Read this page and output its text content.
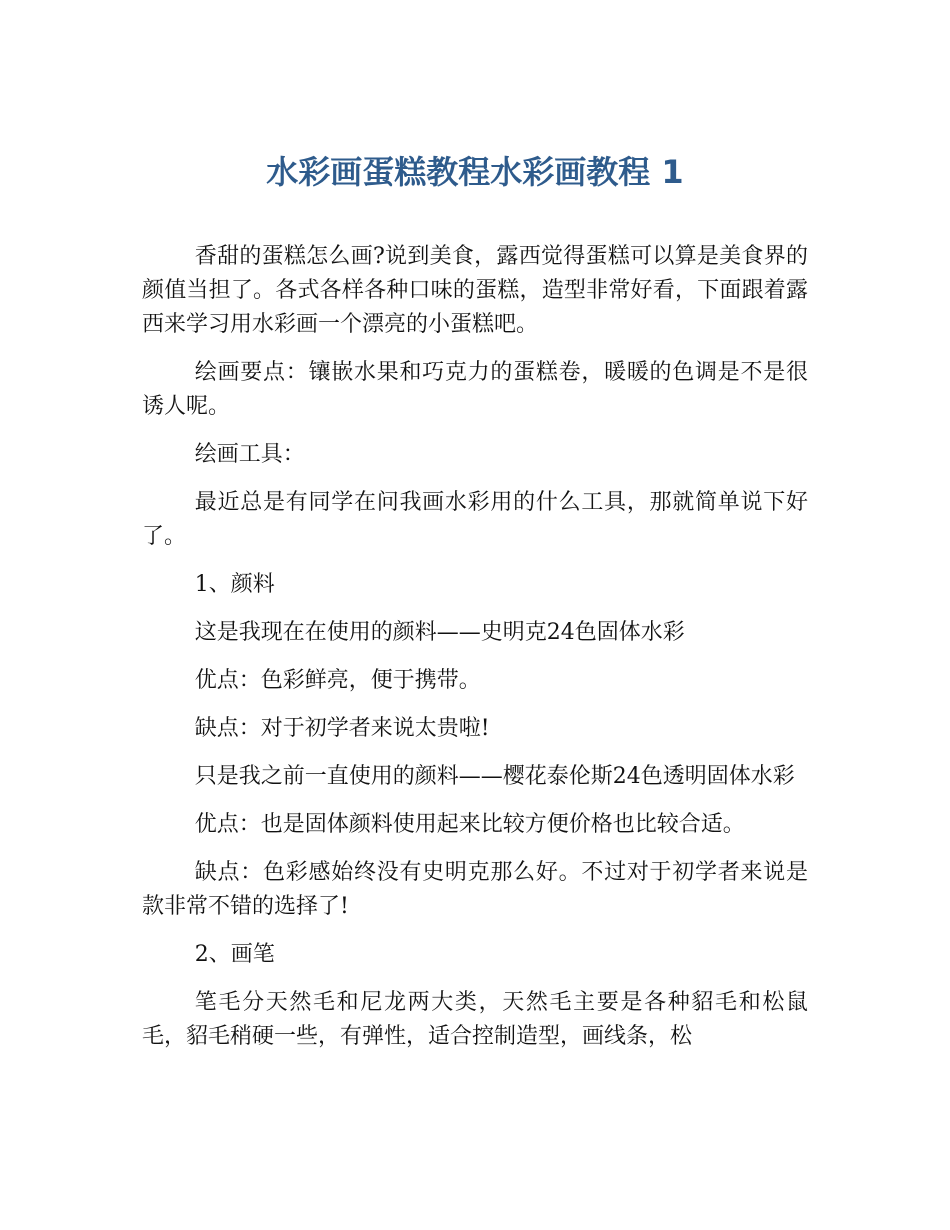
水彩画蛋糕教程水彩画教程 1

香甜的蛋糕怎么画?说到美食，露西觉得蛋糕可以算是美食界的颜值当担了。各式各样各种口味的蛋糕，造型非常好看，下面跟着露西来学习用水彩画一个漂亮的小蛋糕吧。

绘画要点：镶嵌水果和巧克力的蛋糕卷，暖暖的色调是不是很诱人呢。

绘画工具：

最近总是有同学在问我画水彩用的什么工具，那就简单说下好了。

1、颜料

这是我现在在使用的颜料——史明克24色固体水彩

优点：色彩鲜亮，便于携带。

缺点：对于初学者来说太贵啦!

只是我之前一直使用的颜料——樱花泰伦斯24色透明固体水彩

优点：也是固体颜料使用起来比较方便价格也比较合适。

缺点：色彩感始终没有史明克那么好。不过对于初学者来说是款非常不错的选择了!

2、画笔

笔毛分天然毛和尼龙两大类，天然毛主要是各种貂毛和松鼠毛，貂毛稍硬一些，有弹性，适合控制造型，画线条，松
